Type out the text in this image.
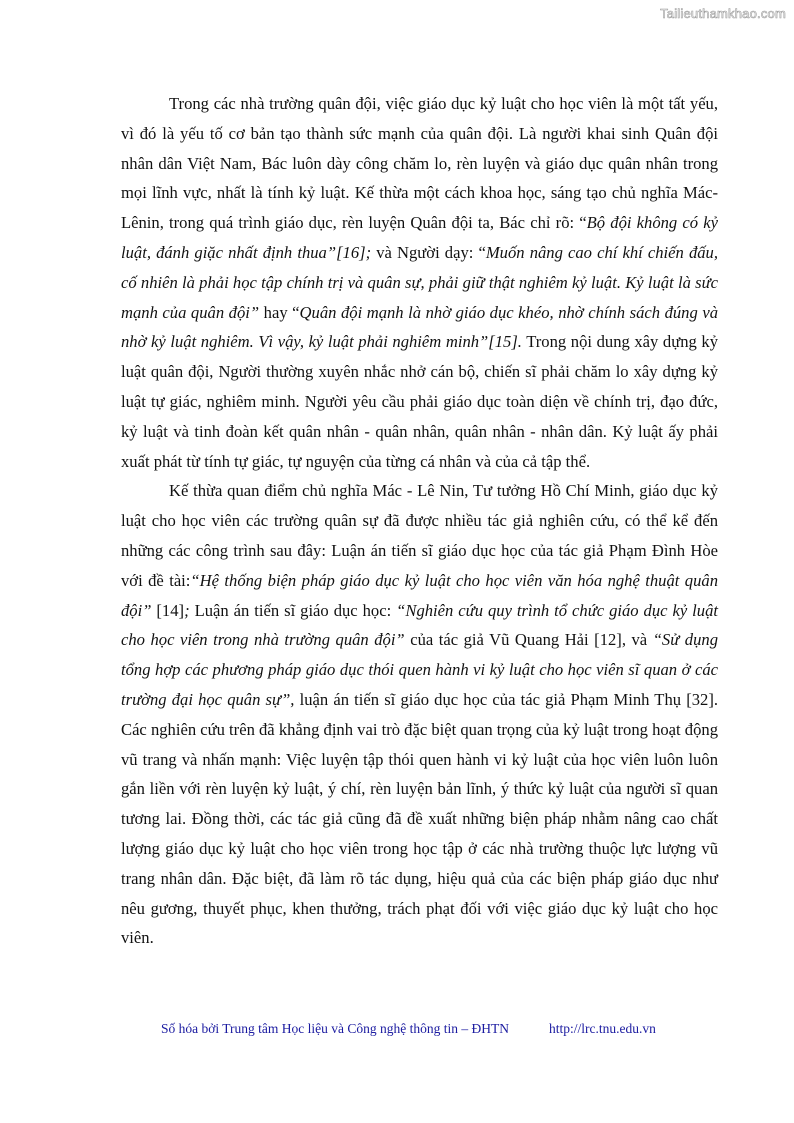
Tailieuthamkhao.com

Trong các nhà trường quân đội, việc giáo dục kỷ luật cho học viên là một tất yếu, vì đó là yếu tố cơ bản tạo thành sức mạnh của quân đội. Là người khai sinh Quân đội nhân dân Việt Nam, Bác luôn dày công chăm lo, rèn luyện và giáo dục quân nhân trong mọi lĩnh vực, nhất là tính kỷ luật. Kế thừa một cách khoa học, sáng tạo chủ nghĩa Mác- Lênin, trong quá trình giáo dục, rèn luyện Quân đội ta, Bác chỉ rõ: “Bộ đội không có kỷ luật, đánh giặc nhất định thua”[16]; và Người dạy: “Muốn nâng cao chí khí chiến đấu, cố nhiên là phải học tập chính trị và quân sự, phải giữ thật nghiêm kỷ luật. Kỷ luật là sức mạnh của quân đội” hay “Quân đội mạnh là nhờ giáo dục khéo, nhờ chính sách đúng và nhờ kỷ luật nghiêm. Vì vậy, kỷ luật phải nghiêm minh”[15]. Trong nội dung xây dựng kỷ luật quân đội, Người thường xuyên nhắc nhở cán bộ, chiến sĩ phải chăm lo xây dựng kỷ luật tự giác, nghiêm minh. Người yêu cầu phải giáo dục toàn diện về chính trị, đạo đức, kỷ luật và tinh đoàn kết quân nhân - quân nhân, quân nhân - nhân dân. Kỷ luật ấy phải xuất phát từ tính tự giác, tự nguyện của từng cá nhân và của cả tập thể.

Kế thừa quan điểm chủ nghĩa Mác - Lê Nin, Tư tưởng Hồ Chí Minh, giáo dục kỷ luật cho học viên các trường quân sự đã được nhiều tác giả nghiên cứu, có thể kể đến những các công trình sau đây: Luận án tiến sĩ giáo dục học của tác giả Phạm Đình Hòe với đề tài:“Hệ thống biện pháp giáo dục kỷ luật cho học viên văn hóa nghệ thuật quân đội” [14]; Luận án tiến sĩ giáo dục học: “Nghiên cứu quy trình tổ chức giáo dục kỷ luật cho học viên trong nhà trường quân đội” của tác giả Vũ Quang Hải [12], và “Sử dụng tổng hợp các phương pháp giáo dục thói quen hành vi kỷ luật cho học viên sĩ quan ở các trường đại học quân sự”, luận án tiến sĩ giáo dục học của tác giả Phạm Minh Thụ [32]. Các nghiên cứu trên đã khẳng định vai trò đặc biệt quan trọng của kỷ luật trong hoạt động vũ trang và nhấn mạnh: Việc luyện tập thói quen hành vi kỷ luật của học viên luôn luôn gắn liền với rèn luyện kỷ luật, ý chí, rèn luyện bản lĩnh, ý thức kỷ luật của người sĩ quan tương lai. Đồng thời, các tác giả cũng đã đề xuất những biện pháp nhằm nâng cao chất lượng giáo dục kỷ luật cho học viên trong học tập ở các nhà trường thuộc lực lượng vũ trang nhân dân. Đặc biệt, đã làm rõ tác dụng, hiệu quả của các biện pháp giáo dục như nêu gương, thuyết phục, khen thưởng, trách phạt đối với việc giáo dục kỷ luật cho học viên.

Số hóa bởi Trung tâm Học liệu và Công nghệ thông tin – ĐHTN	http://lrc.tnu.edu.vn
